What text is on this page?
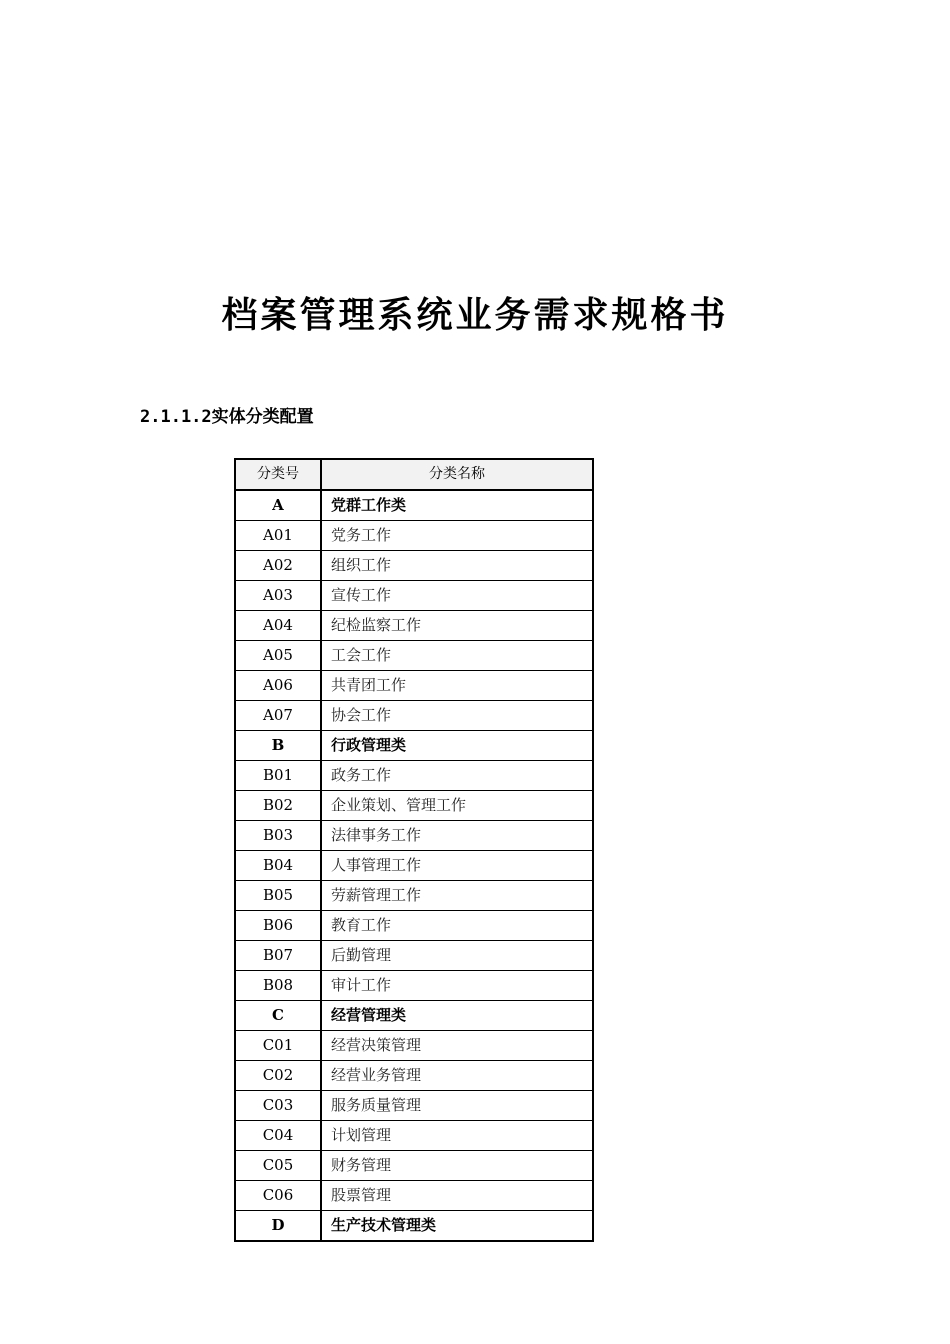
档案管理系统业务需求规格书
2.1.1.2实体分类配置
分类号	分类名称
A	党群工作类
A01	党务工作
A02	组织工作
A03	宣传工作
A04	纪检监察工作
A05	工会工作
A06	共青团工作
A07	协会工作
B	行政管理类
B01	政务工作
B02	企业策划、管理工作
B03	法律事务工作
B04	人事管理工作
B05	劳薪管理工作
B06	教育工作
B07	后勤管理
B08	审计工作
C	经营管理类
C01	经营决策管理
C02	经营业务管理
C03	服务质量管理
C04	计划管理
C05	财务管理
C06	股票管理
D	生产技术管理类
